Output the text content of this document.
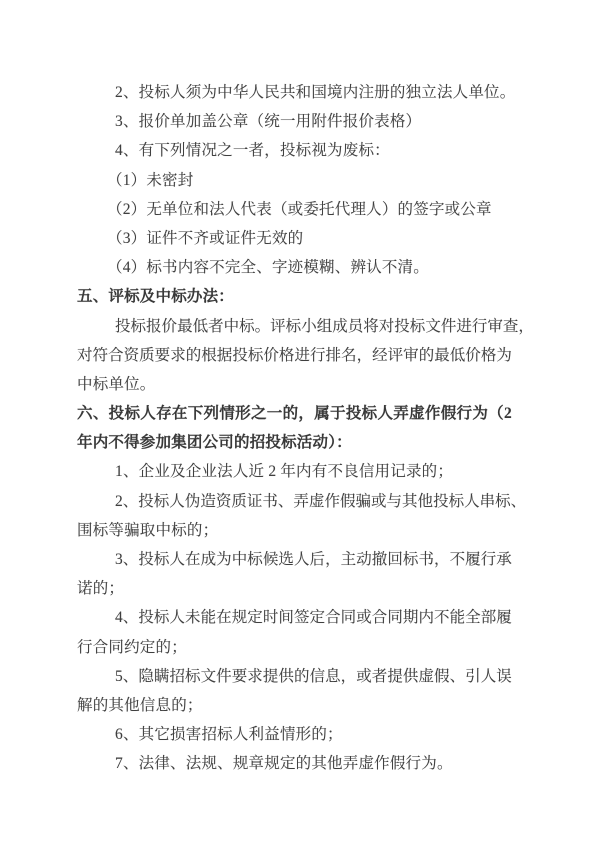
2、投标人须为中华人民共和国境内注册的独立法人单位。
3、报价单加盖公章（统一用附件报价表格）
4、有下列情况之一者，投标视为废标：
（1）未密封
（2）无单位和法人代表（或委托代理人）的签字或公章
（3）证件不齐或证件无效的
（4）标书内容不完全、字迹模糊、辨认不清。
五、评标及中标办法：
投 标 报 价 最 低 者 中 标 。 评 标 小 组 成 员 将 对 投 标 文 件 进 行 审 查 ，
对 符 合 资 质 要 求 的 根 据 投 标 价 格 进 行 排 名 ， 经 评 审 的 最 低 价 格 为
中标单位。
六 、 投 标 人 存 在 下 列 情 形 之 一 的 ， 属 于 投 标 人 弄 虚 作 假 行 为 （ 2
年内不得参加集团公司的招投标活动）：
1、企业及企业法人近 2 年内有不良信用记录的；
2 、 投 标 人 伪 造 资 质 证 书 、 弄 虚 作 假 骗 或 与 其 他 投 标 人 串 标 、
围标等骗取中标的；
3 、 投 标 人 在 成 为 中 标 候 选 人 后 ， 主 动 撤 回 标 书 ， 不 履 行 承
诺的；
4 、 投 标 人 未 能 在 规 定 时 间 签 定 合 同 或 合 同 期 内 不 能 全 部 履
行合同约定的；
5 、 隐 瞒 招 标 文 件 要 求 提 供 的 信 息 ， 或 者 提 供 虚 假 、 引 人 误
解的其他信息的；
6、其它损害招标人利益情形的；
7、法律、法规、规章规定的其他弄虚作假行为。
